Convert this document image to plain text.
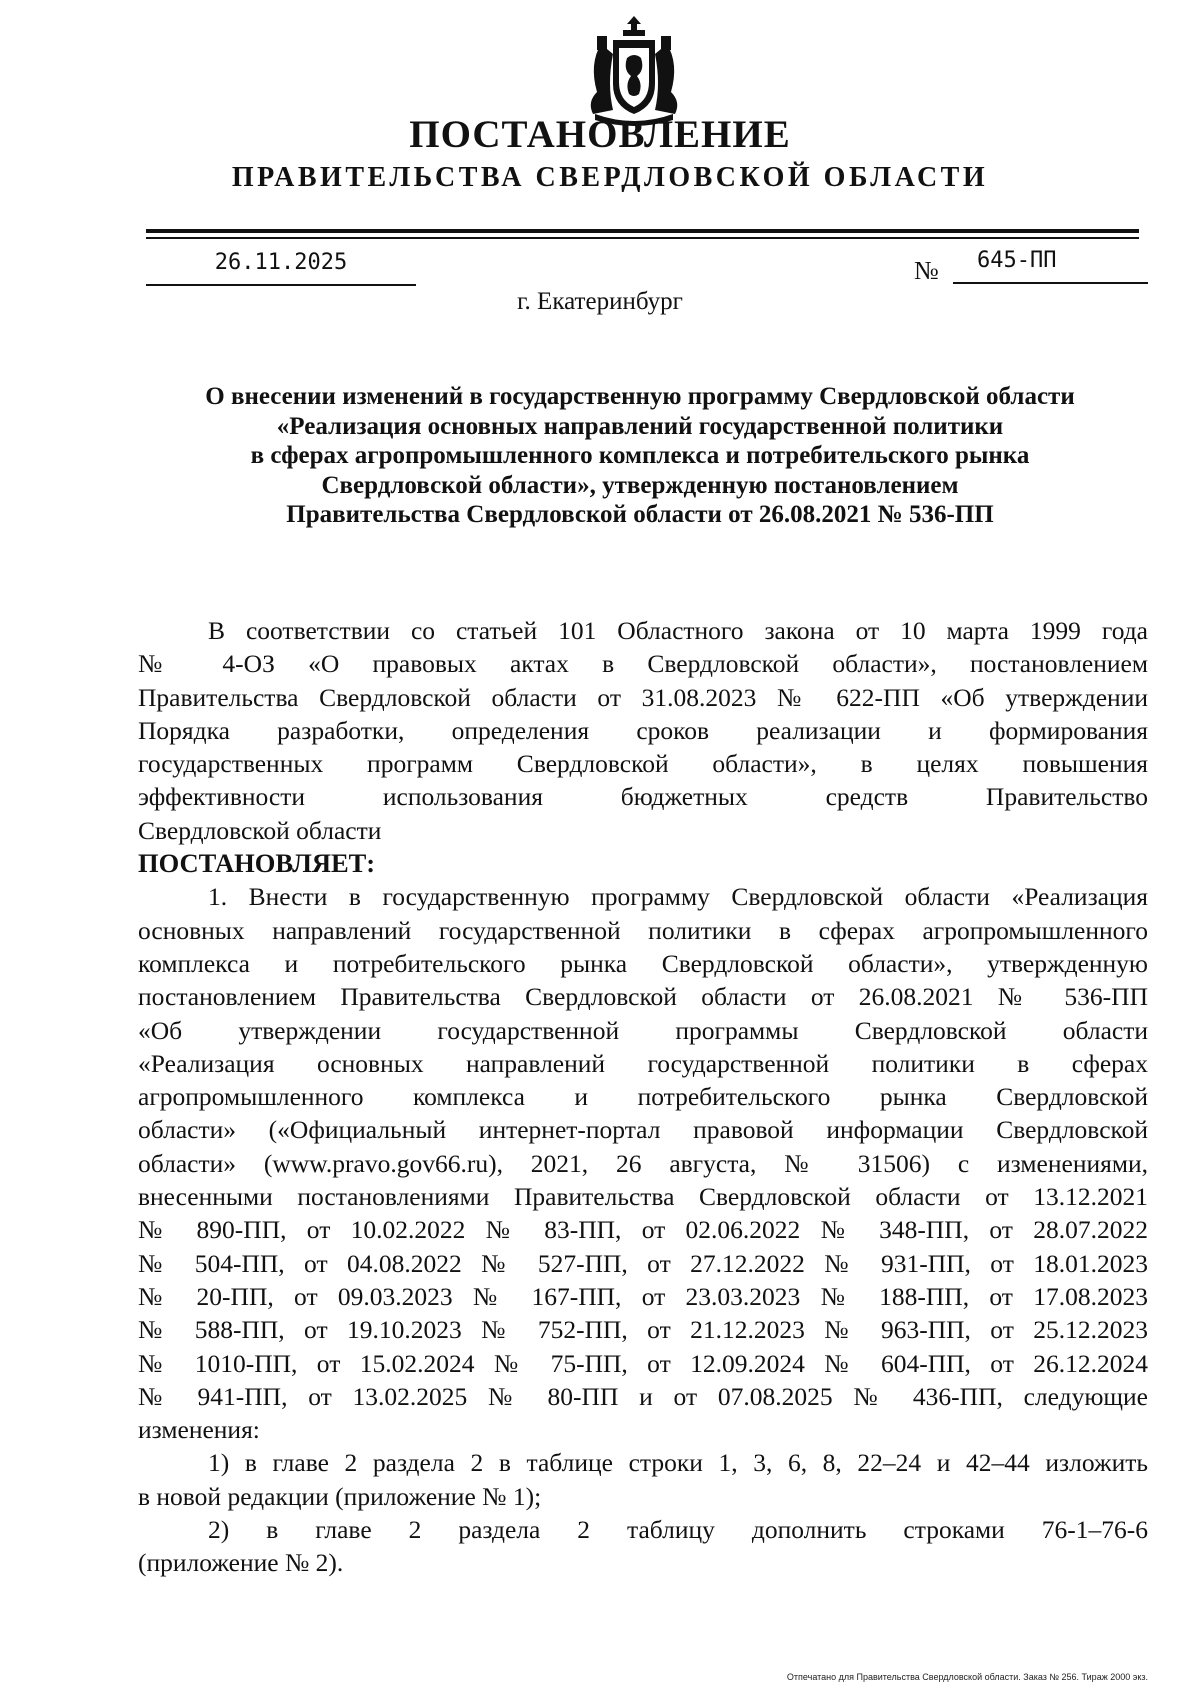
ПОСТАНОВЛЕНИЕ
ПРАВИТЕЛЬСТВА СВЕРДЛОВСКОЙ ОБЛАСТИ
26.11.2025	№	645-ПП
г. Екатеринбург
О внесении изменений в государственную программу Свердловской области
«Реализация основных направлений государственной политики
в сферах агропромышленного комплекса и потребительского рынка
Свердловской области», утвержденную постановлением
Правительства Свердловской области от 26.08.2021 № 536-ПП
В соответствии со статьей 101 Областного закона от 10 марта 1999 года
№ 4-ОЗ «О правовых актах в Свердловской области», постановлением
Правительства Свердловской области от 31.08.2023 № 622-ПП «Об утверждении
Порядка разработки, определения сроков реализации и формирования
государственных программ Свердловской области», в целях повышения
эффективности использования бюджетных средств Правительство
Свердловской области
ПОСТАНОВЛЯЕТ:
1. Внести в государственную программу Свердловской области «Реализация
основных направлений государственной политики в сферах агропромышленного
комплекса и потребительского рынка Свердловской области», утвержденную
постановлением Правительства Свердловской области от 26.08.2021 № 536-ПП
«Об утверждении государственной программы Свердловской области
«Реализация основных направлений государственной политики в сферах
агропромышленного комплекса и потребительского рынка Свердловской
области» («Официальный интернет-портал правовой информации Свердловской
области» (www.pravo.gov66.ru), 2021, 26 августа, № 31506) с изменениями,
внесенными постановлениями Правительства Свердловской области от 13.12.2021
№ 890-ПП, от 10.02.2022 № 83-ПП, от 02.06.2022 № 348-ПП, от 28.07.2022
№ 504-ПП, от 04.08.2022 № 527-ПП, от 27.12.2022 № 931-ПП, от 18.01.2023
№ 20-ПП, от 09.03.2023 № 167-ПП, от 23.03.2023 № 188-ПП, от 17.08.2023
№ 588-ПП, от 19.10.2023 № 752-ПП, от 21.12.2023 № 963-ПП, от 25.12.2023
№ 1010-ПП, от 15.02.2024 № 75-ПП, от 12.09.2024 № 604-ПП, от 26.12.2024
№ 941-ПП, от 13.02.2025 № 80-ПП и от 07.08.2025 № 436-ПП, следующие
изменения:
1) в главе 2 раздела 2 в таблице строки 1, 3, 6, 8, 22–24 и 42–44 изложить
в новой редакции (приложение № 1);
2) в главе 2 раздела 2 таблицу дополнить строками 76-1–76-6
(приложение № 2).
Отпечатано для Правительства Свердловской области. Заказ № 256. Тираж 2000 экз.
